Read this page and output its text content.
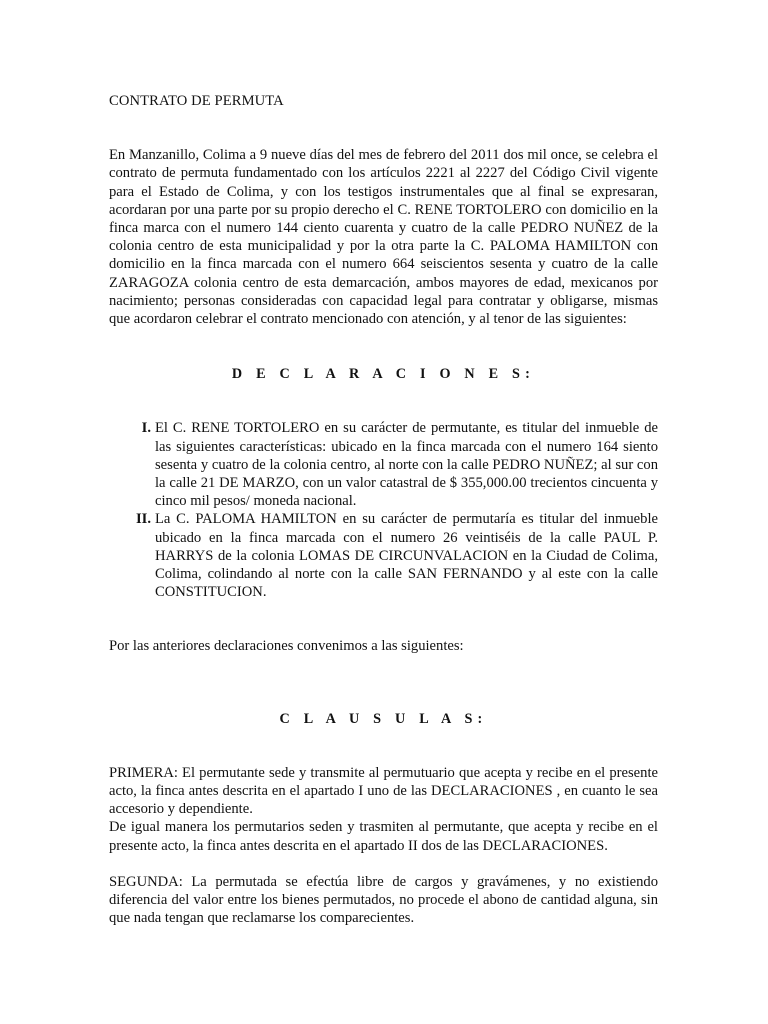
CONTRATO DE PERMUTA

En Manzanillo, Colima a 9 nueve días del mes de febrero del 2011 dos mil once, se celebra el contrato de permuta fundamentado con los artículos 2221 al 2227 del Código Civil vigente para el Estado de Colima, y con los testigos instrumentales que al final se expresaran, acordaran por una parte por su propio derecho el C. RENE TORTOLERO con domicilio en la finca marca con el numero 144 ciento cuarenta y cuatro de la calle PEDRO NUÑEZ de la colonia centro de esta municipalidad y por la otra parte la C. PALOMA HAMILTON con domicilio en la finca marcada con el numero 664 seiscientos sesenta y cuatro de la calle ZARAGOZA colonia centro de esta demarcación, ambos mayores de edad, mexicanos por nacimiento; personas consideradas con capacidad legal para contratar y obligarse, mismas que acordaron celebrar el contrato mencionado con atención, y al tenor de las siguientes:

D E C L A R A C I O N E S:

I. El C. RENE TORTOLERO en su carácter de permutante, es titular del inmueble de las siguientes características: ubicado en la finca marcada con el numero 164 siento sesenta y cuatro de la colonia centro, al norte con la calle PEDRO NUÑEZ; al sur con la calle 21 DE MARZO, con un valor catastral de $ 355,000.00 trecientos cincuenta y cinco mil pesos/ moneda nacional.
II. La C. PALOMA HAMILTON en su carácter de permutaría es titular del inmueble ubicado en la finca marcada con el numero 26 veintiséis de la calle PAUL P. HARRYS de la colonia LOMAS DE CIRCUNVALACION en la Ciudad de Colima, Colima, colindando al norte con la calle SAN FERNANDO y al este con la calle CONSTITUCION.

Por las anteriores declaraciones convenimos a las siguientes:

C L A U S U L A S:

PRIMERA: El permutante sede y transmite al permutuario que acepta y recibe en el presente acto, la finca antes descrita en el apartado I uno de las DECLARACIONES , en cuanto le sea accesorio y dependiente.

De igual manera los permutarios seden y trasmiten al permutante, que acepta y recibe en el presente acto, la finca antes descrita en el apartado II dos de las DECLARACIONES.

SEGUNDA: La permutada se efectúa libre de cargos y gravámenes, y no existiendo diferencia del valor entre los bienes permutados, no procede el abono de cantidad alguna, sin que nada tengan que reclamarse los comparecientes.
